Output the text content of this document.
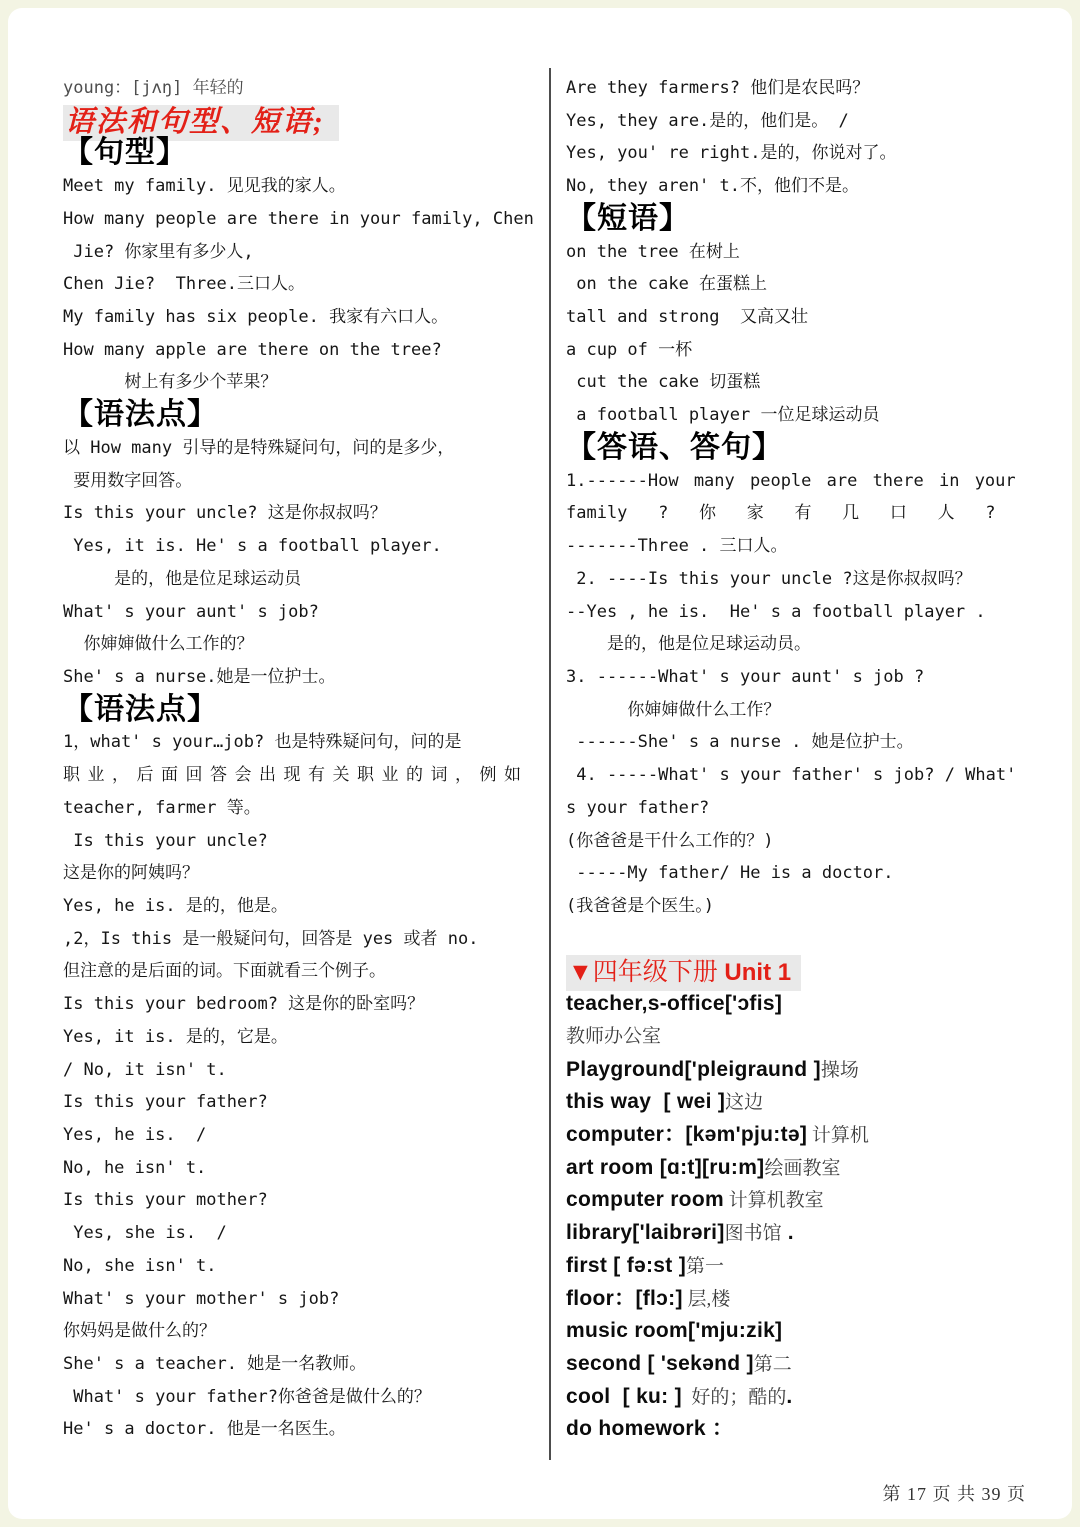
young：[jʌŋ] 年轻的
语法和句型、短语;
【句型】
Meet my family. 见见我的家人。
How many people are there in your family, Chen
Jie? 你家里有多少人,
Chen Jie?  Three.三口人。
My family has six people. 我家有六口人。
How many apple are there on the tree?
树上有多少个苹果？
【语法点】
以 How many 引导的是特殊疑问句，问的是多少，
要用数字回答。
Is this your uncle? 这是你叔叔吗？
Yes, it is. He' s a football player.
是的，他是位足球运动员
What' s your aunt' s job?
你婶婶做什么工作的？
She' s a nurse.她是一位护士。
【语法点】
1，what' s your…job? 也是特殊疑问句，问的是
职业，后面回答会出现有关职业的词，例如
teacher, farmer 等。
Is this your uncle?
这是你的阿姨吗？
Yes, he is. 是的，他是。
,2，Is this 是一般疑问句，回答是 yes 或者 no.
但注意的是后面的词。下面就看三个例子。
Is this your bedroom? 这是你的卧室吗？
Yes, it is. 是的，它是。
/ No, it isn' t.
Is this your father?
Yes, he is.  /
No, he isn' t.
Is this your mother?
Yes, she is.  /
No, she isn' t.
What' s your mother' s job?
你妈妈是做什么的？
She' s a teacher. 她是一名教师。
What' s your father?你爸爸是做什么的？
He' s a doctor. 他是一名医生。
Are they farmers? 他们是农民吗？
Yes, they are.是的，他们是。 /
Yes, you' re right.是的，你说对了。
No, they aren' t.不，他们不是。
【短语】
on the tree 在树上
on the cake 在蛋糕上
tall and strong  又高又壮
a cup of 一杯
cut the cake 切蛋糕
a football player 一位足球运动员
【答语、答句】
1.------How many people are there in your
family   ?   你   家   有   几   口   人   ?
-------Three . 三口人。
2. ----Is this your uncle ?这是你叔叔吗？
--Yes , he is.  He' s a football player .
是的，他是位足球运动员。
3. ------What' s your aunt' s job ?
你婶婶做什么工作？
------She' s a nurse . 她是位护士。
4. -----What' s your father' s job? / What'
s your father?
(你爸爸是干什么工作的？)
-----My father/ He is a doctor.
(我爸爸是个医生。)
▼四年级下册 Unit 1
teacher,s-office['ɔfis]
教师办公室
Playground['pleiɡraund ]操场
this way  [ wei ]这边
computer：[kəm'pju:tə] 计算机
art room [ɑ:t][ru:m]绘画教室
computer room 计算机教室
library['laibrəri]图书馆 .
first [ fə:st ]第一
floor：[flɔ:] 层,楼
music room['mju:zik]
second [ 'sekənd ]第二
cool  [ ku: ]  好的；酷的.
do homework ：
第 17 页 共 39 页
